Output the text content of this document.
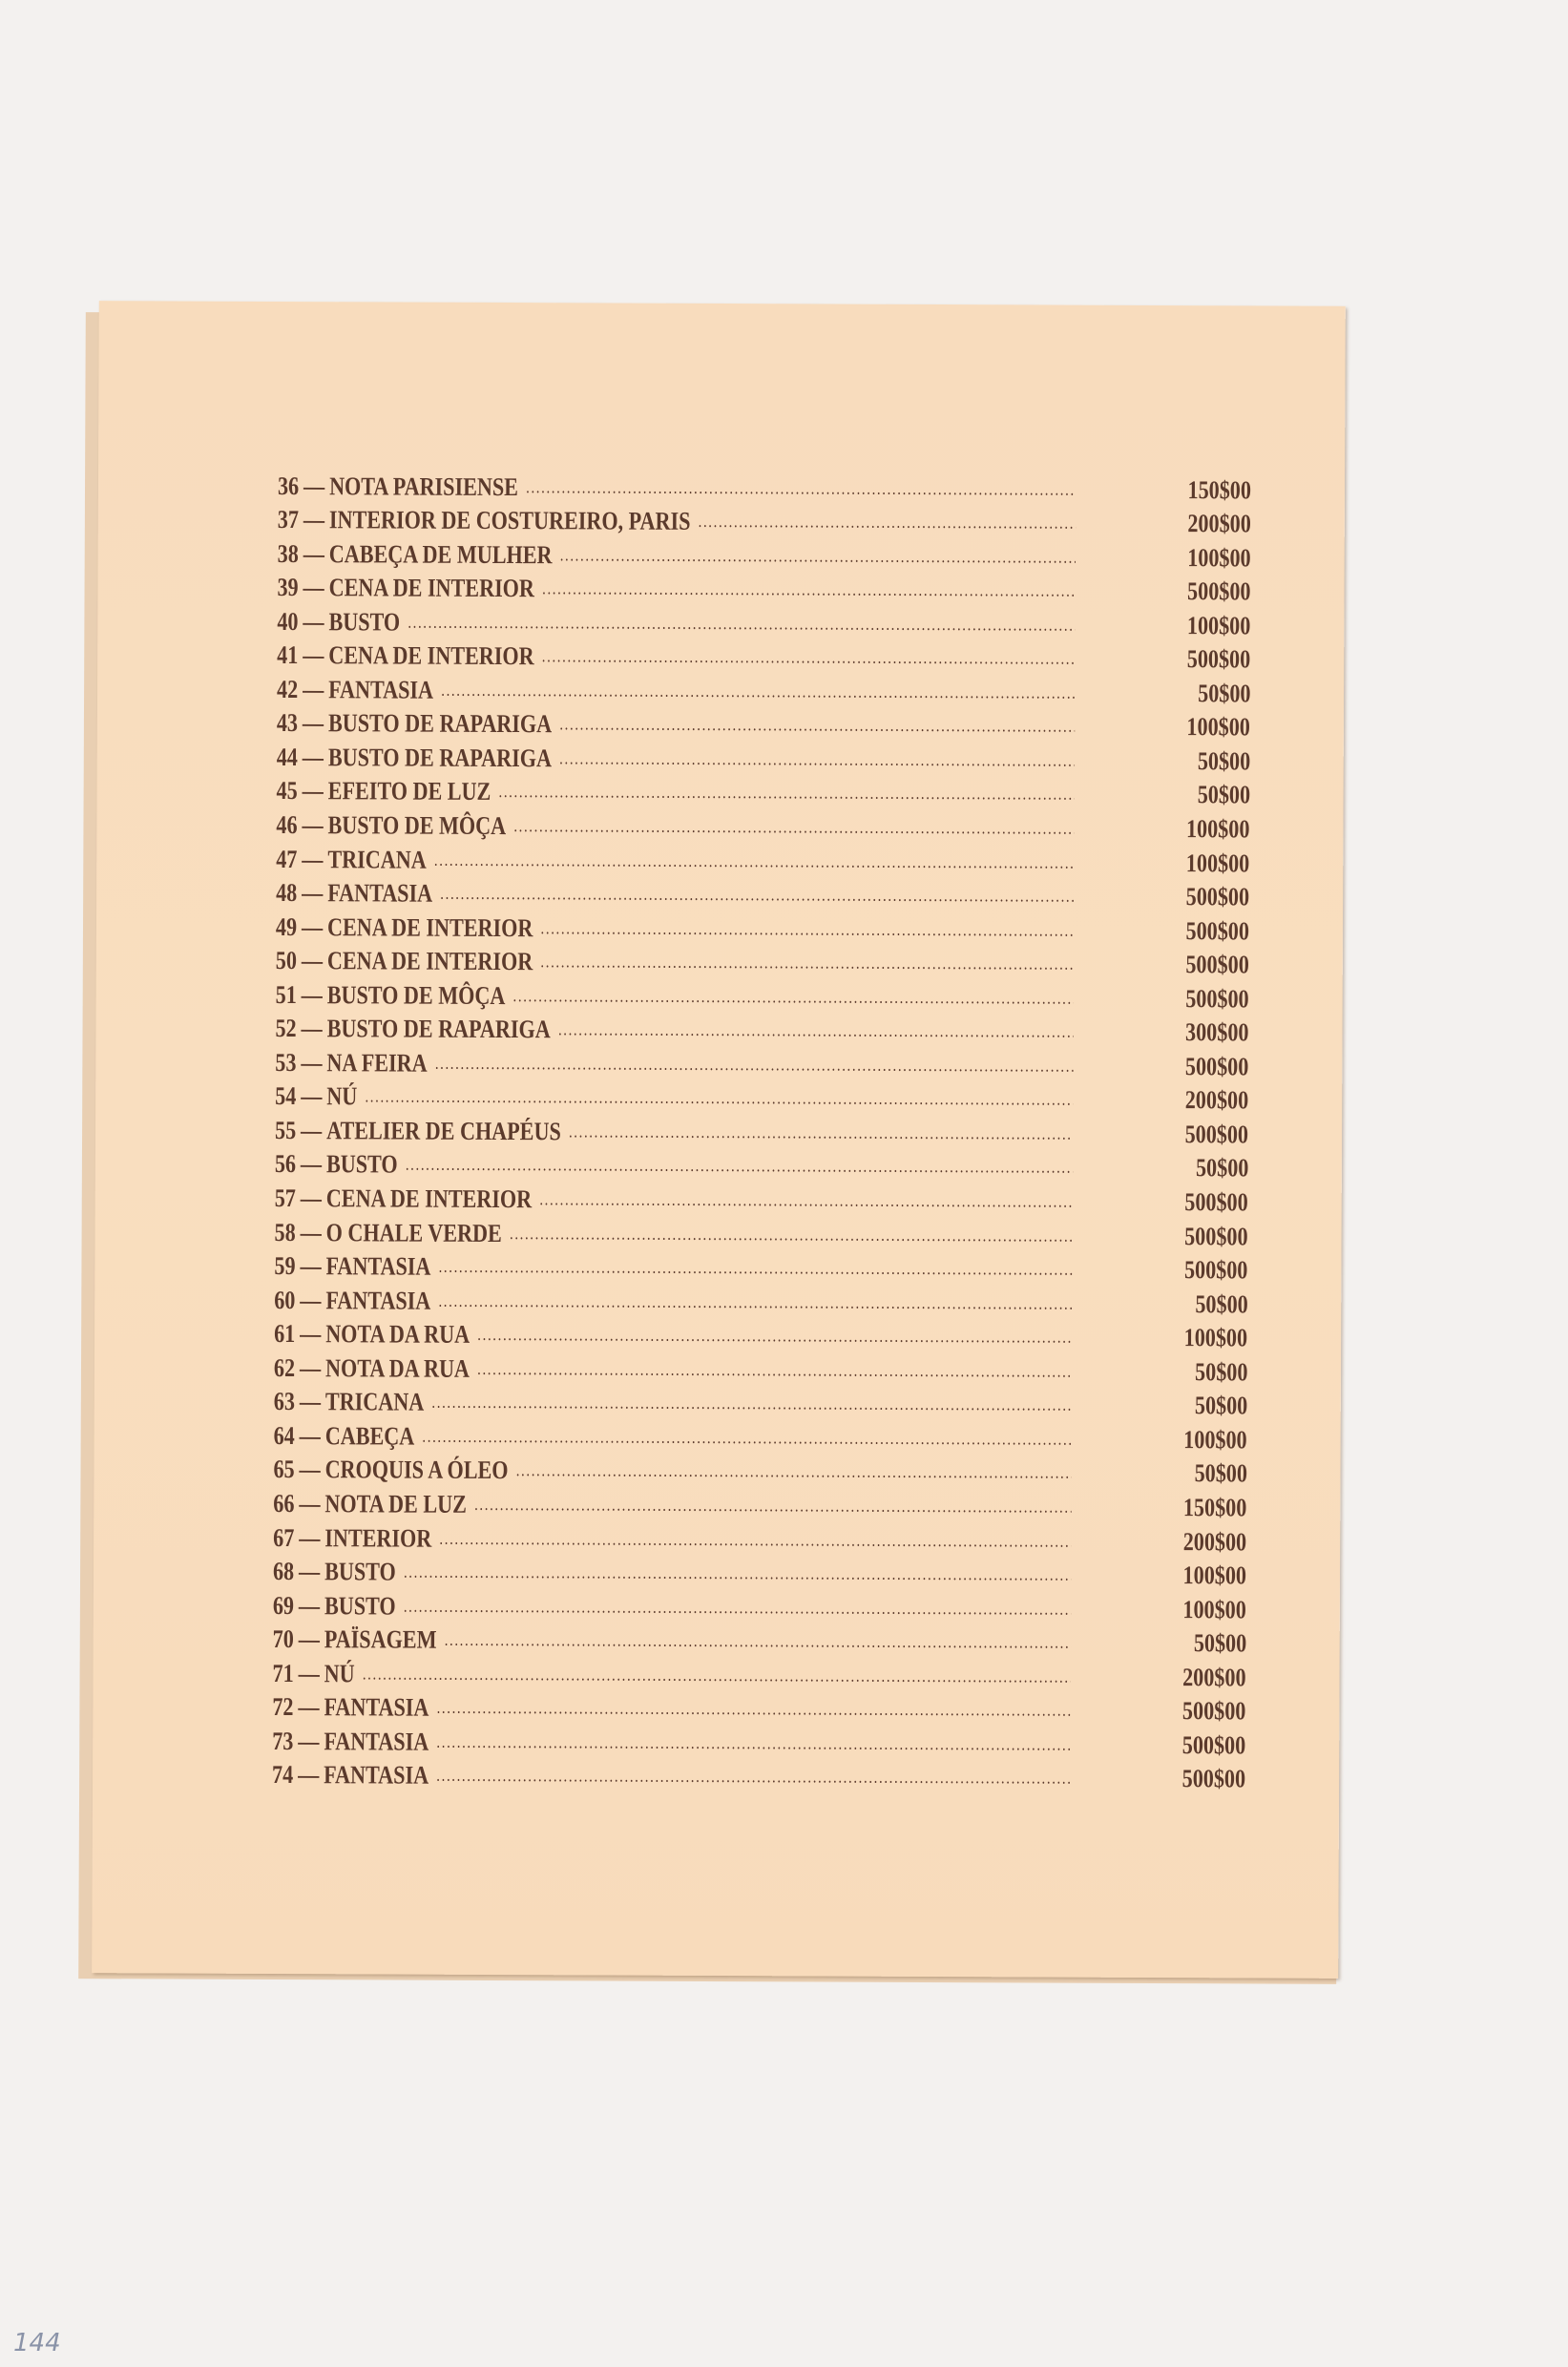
36 — NOTA PARISIENSE .....	150$00
37 — INTERIOR DE COSTUREIRO, PARIS .....	200$00
38 — CABEÇA DE MULHER .....	100$00
39 — CENA DE INTERIOR .....	500$00
40 — BUSTO .....	100$00
41 — CENA DE INTERIOR .....	500$00
42 — FANTASIA .....	50$00
43 — BUSTO DE RAPARIGA .....	100$00
44 — BUSTO DE RAPARIGA .....	50$00
45 — EFEITO DE LUZ .....	50$00
46 — BUSTO DE MÔÇA .....	100$00
47 — TRICANA .....	100$00
48 — FANTASIA .....	500$00
49 — CENA DE INTERIOR .....	500$00
50 — CENA DE INTERIOR .....	500$00
51 — BUSTO DE MÔÇA .....	500$00
52 — BUSTO DE RAPARIGA .....	300$00
53 — NA FEIRA .....	500$00
54 — NÚ .....	200$00
55 — ATELIER DE CHAPÉUS .....	500$00
56 — BUSTO .....	50$00
57 — CENA DE INTERIOR .....	500$00
58 — O CHALE VERDE .....	500$00
59 — FANTASIA .....	500$00
60 — FANTASIA .....	50$00
61 — NOTA DA RUA .....	100$00
62 — NOTA DA RUA .....	50$00
63 — TRICANA .....	50$00
64 — CABEÇA .....	100$00
65 — CROQUIS A ÓLEO .....	50$00
66 — NOTA DE LUZ .....	150$00
67 — INTERIOR .....	200$00
68 — BUSTO .....	100$00
69 — BUSTO .....	100$00
70 — PAÏSAGEM .....	50$00
71 — NÚ .....	200$00
72 — FANTASIA .....	500$00
73 — FANTASIA .....	500$00
74 — FANTASIA .....	500$00
144
